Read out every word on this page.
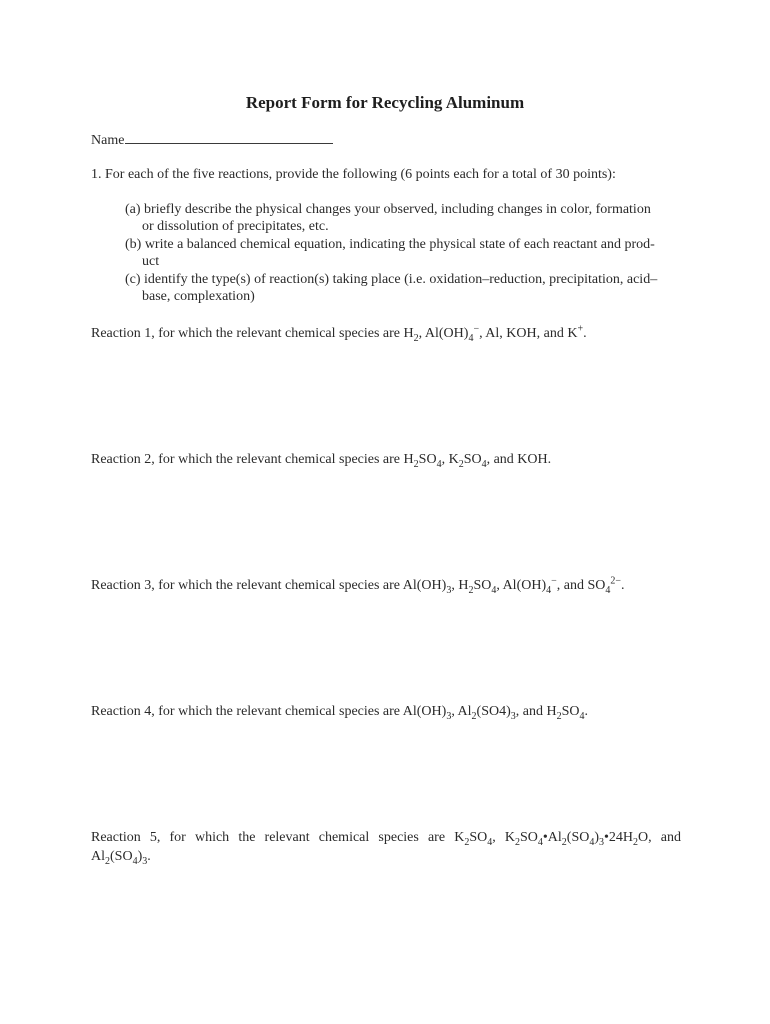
Report Form for Recycling Aluminum
Name
1. For each of the five reactions, provide the following (6 points each for a total of 30 points):
(a) briefly describe the physical changes your observed, including changes in color, formation
or dissolution of precipitates, etc.
(b) write a balanced chemical equation, indicating the physical state of each reactant and prod-
uct
(c) identify the type(s) of reaction(s) taking place (i.e. oxidation–reduction, precipitation, acid–
base, complexation)
Reaction 1, for which the relevant chemical species are $H_2$, $Al(OH)_4^-$, Al, KOH, and K+.
Reaction 2, for which the relevant chemical species are $H_2SO_4$, $K_2SO_4$, and KOH.
Reaction 3, for which the relevant chemical species are $Al(OH)_3$, $H_2SO_4$, $Al(OH)_4^-$, and $SO_4^{2-}$.
Reaction 4, for which the relevant chemical species are $Al(OH)_3$, $Al_2(SO4)_3$, and $H_2SO_4$.
Reaction 5, for which the relevant chemical species are $K_2SO_4$, $K_2SO_4•Al_2(SO_4)_3•24H_2O$, and
$Al_2(SO_4)_3$.
